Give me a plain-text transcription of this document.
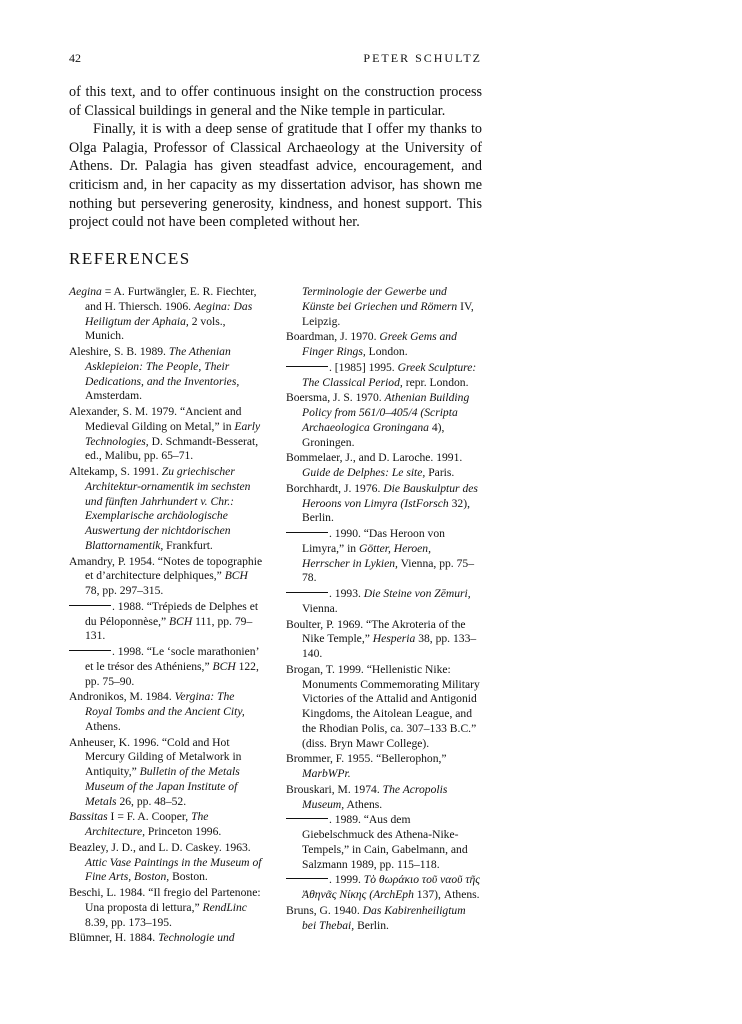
42	PETER SCHULTZ

of this text, and to offer continuous insight on the construction process of Classical buildings in general and the Nike temple in particular.

Finally, it is with a deep sense of gratitude that I offer my thanks to Olga Palagia, Professor of Classical Archaeology at the University of Athens. Dr. Palagia has given steadfast advice, encouragement, and criticism and, in her capacity as my dissertation advisor, has shown me nothing but persevering generosity, kindness, and honest support. This project could not have been completed without her.

REFERENCES

Aegina = A. Furtwängler, E. R. Fiechter, and H. Thiersch. 1906. Aegina: Das Heiligtum der Aphaia, 2 vols., Munich.

Aleshire, S. B. 1989. The Athenian Asklepieion: The People, Their Dedications, and the Inventories, Amsterdam.

Alexander, S. M. 1979. “Ancient and Medieval Gilding on Metal,” in Early Technologies, D. Schmandt-Besserat, ed., Malibu, pp. 65–71.

Altekamp, S. 1991. Zu griechischer Architektur-ornamentik im sechsten und fünften Jahrhundert v. Chr.: Exemplarische archäologische Auswertung der nichtdorischen Blattornamentik, Frankfurt.

Amandry, P. 1954. “Notes de topographie et d’architecture delphiques,” BCH 78, pp. 297–315.

. 1988. “Trépieds de Delphes et du Péloponnèse,” BCH 111, pp. 79–131.

. 1998. “Le ‘socle marathonien’ et le trésor des Athéniens,” BCH 122, pp. 75–90.

Andronikos, M. 1984. Vergina: The Royal Tombs and the Ancient City, Athens.

Anheuser, K. 1996. “Cold and Hot Mercury Gilding of Metalwork in Antiquity,” Bulletin of the Metals Museum of the Japan Institute of Metals 26, pp. 48–52.

Bassitas I = F. A. Cooper, The Architecture, Princeton 1996.

Beazley, J. D., and L. D. Caskey. 1963. Attic Vase Paintings in the Museum of Fine Arts, Boston, Boston.

Beschi, L. 1984. “Il fregio del Partenone: Una proposta di lettura,” RendLinc 8.39, pp. 173–195.

Blümner, H. 1884. Technologie und

Terminologie der Gewerbe und Künste bei Griechen und Römern IV, Leipzig.

Boardman, J. 1970. Greek Gems and Finger Rings, London.

. [1985] 1995. Greek Sculpture: The Classical Period, repr. London.

Boersma, J. S. 1970. Athenian Building Policy from 561/0–405/4 (Scripta Archaeologica Groningana 4), Groningen.

Bommelaer, J., and D. Laroche. 1991. Guide de Delphes: Le site, Paris.

Borchhardt, J. 1976. Die Bauskulptur des Heroons von Limyra (IstForsch 32), Berlin.

. 1990. “Das Heroon von Limyra,” in Götter, Heroen, Herrscher in Lykien, Vienna, pp. 75–78.

. 1993. Die Steine von Zēmuri, Vienna.

Boulter, P. 1969. “The Akroteria of the Nike Temple,” Hesperia 38, pp. 133–140.

Brogan, T. 1999. “Hellenistic Nike: Monuments Commemorating Military Victories of the Attalid and Antigonid Kingdoms, the Aitolean League, and the Rhodian Polis, ca. 307–133 B.C.” (diss. Bryn Mawr College).

Brommer, F. 1955. “Bellerophon,” MarbWPr.

Brouskari, M. 1974. The Acropolis Museum, Athens.

. 1989. “Aus dem Giebelschmuck des Athena-Nike-Tempels,” in Cain, Gabelmann, and Salzmann 1989, pp. 115–118.

. 1999. Τὸ θωράκιο τοῦ ναοῦ τῆς Ἀθηνᾶς Νίκης (ArchEph 137), Athens.

Bruns, G. 1940. Das Kabirenheiligtum bei Thebai, Berlin.
